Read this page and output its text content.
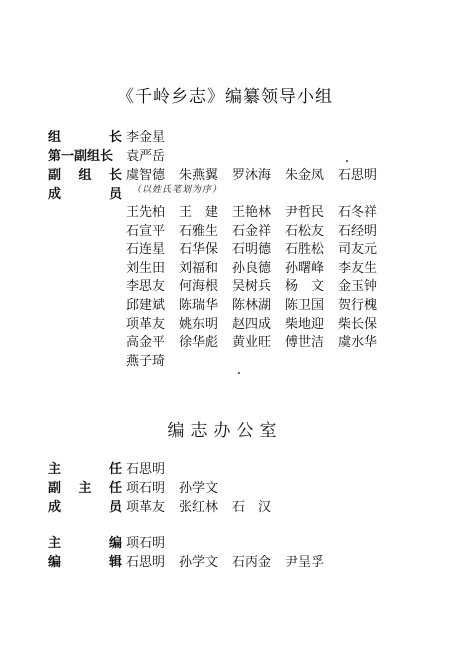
《千岭乡志》编纂领导小组
组	长 李金星
第一副组长 袁严岳
副 组 长 虞智德	朱燕翼	罗沐海	朱金凤	石思明
成	员 （以姓氏笔划为序）
王先柏	王　建	王艳林	尹哲民	石冬祥
石宣平	石雅生	石金祥	石松友	石经明
石连星	石华保	石明德	石胜松	司友元
刘生田	刘福和	孙良德	孙曙峰	李友生
李思友	何海根	吴树兵	杨　文	金玉钟
邱建斌	陈瑞华	陈林湖	陈卫国	贺行槐
项革友	姚东明	赵四成	柴地迎	柴长保
高金平	徐华彪	黄业旺	傅世洁	虞水华
燕子琦
编志办公室
主	任 石思明
副 主 任 项石明	孙学文
成	员 项革友	张红林	石　汉
主	编 项石明
编	辑 石思明	孙学文	石丙金	尹呈孚
